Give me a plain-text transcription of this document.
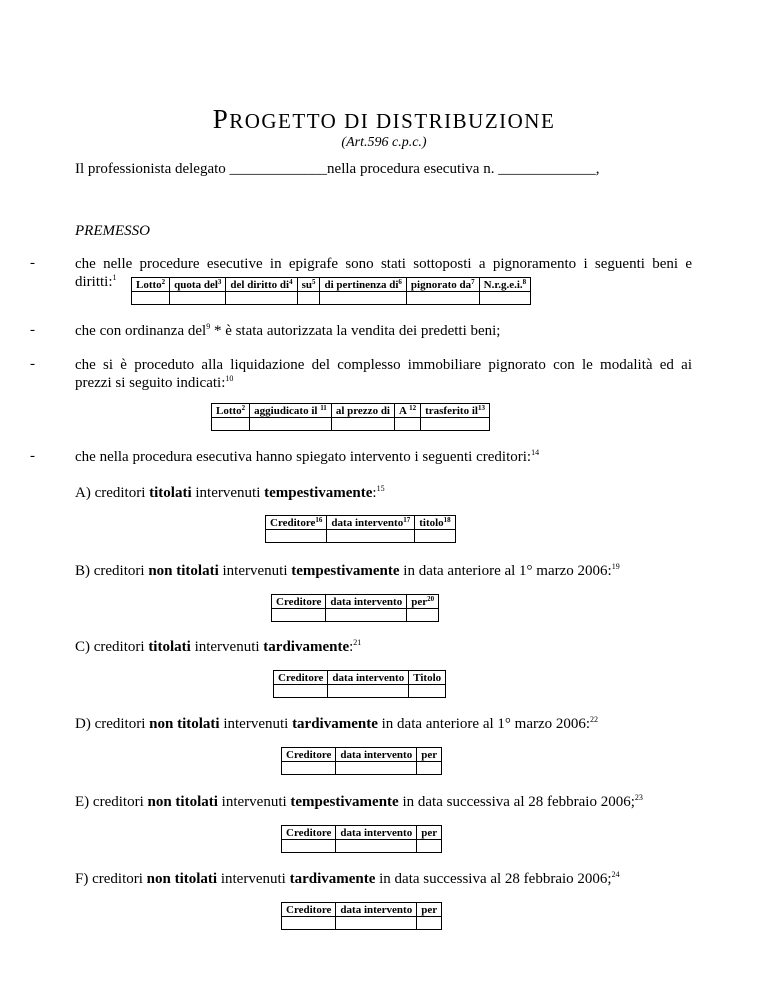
PROGETTO DI DISTRIBUZIONE
(Art.596 c.p.c.)
Il professionista delegato _____________nella procedura esecutiva n. _____________,
PREMESSO
-	che nelle procedure esecutive in epigrafe sono stati sottoposti a pignoramento i seguenti beni e
diritti:$^1$
Lotto$^2$	quota del$^3$	del diritto $di^4$	$su^5$	di pertinenza $di^6$	pignorato $da^7$	N.r.g.e.i.$^8$

-	che con ordinanza del$^9$ * è stata autorizzata la vendita dei predetti beni;
-	che si è proceduto alla liquidazione del complesso immobiliare pignorato con le modalità ed ai
prezzi si seguito indicati:$^{10}$
Lotto$^2$	aggiudicato il $^{11}$	al prezzo di	A $^{12}$	trasferito $il^{13}$

-	che nella procedura esecutiva hanno spiegato intervento i seguenti creditori:$^{14}$
A) creditori titolati intervenuti tempestivamente:$^{15}$
Creditore$^{16}$	data intervento$^{17}$	titolo$^{18}$

B) creditori non titolati intervenuti tempestivamente in data anteriore al 1° marzo 2006:$^{19}$
Creditore	data intervento	per$^{20}$

C) creditori titolati intervenuti tardivamente:$^{21}$
Creditore	data intervento	Titolo

D) creditori non titolati intervenuti tardivamente in data anteriore al 1° marzo 2006:$^{22}$
Creditore	data intervento	per

E) creditori non titolati intervenuti tempestivamente in data successiva al 28 febbraio 2006;$^{23}$
Creditore	data intervento	per

F) creditori non titolati intervenuti tardivamente in data successiva al 28 febbraio 2006;$^{24}$
Creditore	data intervento	per
